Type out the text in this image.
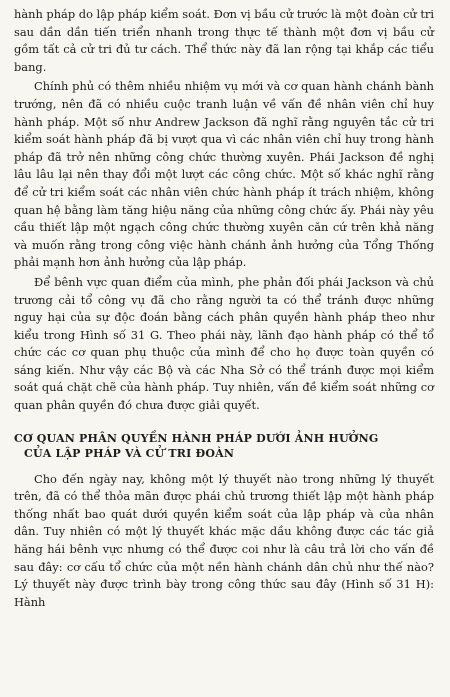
hành pháp do lập pháp kiểm soát. Đơn vị bầu cử trước là một đoàn cử tri sau dần dần tiến triển nhanh trong thực tế thành một đơn vị bầu cử gồm tất cả cử tri đủ tư cách. Thể thức này đã lan rộng tại khắp các tiểu bang.

Chính phủ có thêm nhiều nhiệm vụ mới và cơ quan hành chánh bành trướng, nên đã có nhiều cuộc tranh luận về vấn đề nhân viên chỉ huy hành pháp. Một số như Andrew Jackson đã nghĩ rằng nguyên tắc cử tri kiểm soát hành pháp đã bị vượt qua vì các nhân viên chỉ huy trong hành pháp đã trở nên những công chức thường xuyên. Phái Jackson đề nghị lâu lâu lại nên thay đổi một lượt các công chức. Một số khác nghĩ rằng để cử tri kiểm soát các nhân viên chức hành pháp ít trách nhiệm, không quan hệ bằng làm tăng hiệu năng của những công chức ấy. Phái này yêu cầu thiết lập một ngạch công chức thường xuyên căn cứ trên khả năng và muốn rằng trong công việc hành chánh ảnh hưởng của Tổng Thống phải mạnh hơn ảnh hưởng của lập pháp.

Để bênh vực quan điểm của mình, phe phản đối phái Jackson và chủ trương cải tổ công vụ đã cho rằng người ta có thể tránh được những nguy hại của sự độc đoán bằng cách phân quyền hành pháp theo như kiểu trong Hình số 31 G. Theo phái này, lãnh đạo hành pháp có thể tổ chức các cơ quan phụ thuộc của mình để cho họ được toàn quyền có sáng kiến. Như vậy các Bộ và các Nha Sở có thể tránh được mọi kiểm soát quá chặt chẽ của hành pháp. Tuy nhiên, vấn đề kiểm soát những cơ quan phân quyền đó chưa được giải quyết.

CƠ QUAN PHÂN QUYỀN HÀNH PHÁP DƯỚI ẢNH HƯỞNG
CỦA LẬP PHÁP VÀ CỬ TRI ĐOÀN

Cho đến ngày nay, không một lý thuyết nào trong những lý thuyết trên, đã có thể thỏa mãn được phái chủ trương thiết lập một hành pháp thống nhất bao quát dưới quyền kiểm soát của lập pháp và của nhân dân. Tuy nhiên có một lý thuyết khác mặc dầu không được các tác giả hăng hái bênh vực nhưng có thể được coi như là câu trả lời cho vấn đề sau đây: cơ cấu tổ chức của một nền hành chánh dân chủ như thế nào? Lý thuyết này được trình bày trong công thức sau đây (Hình số 31 H): Hành
